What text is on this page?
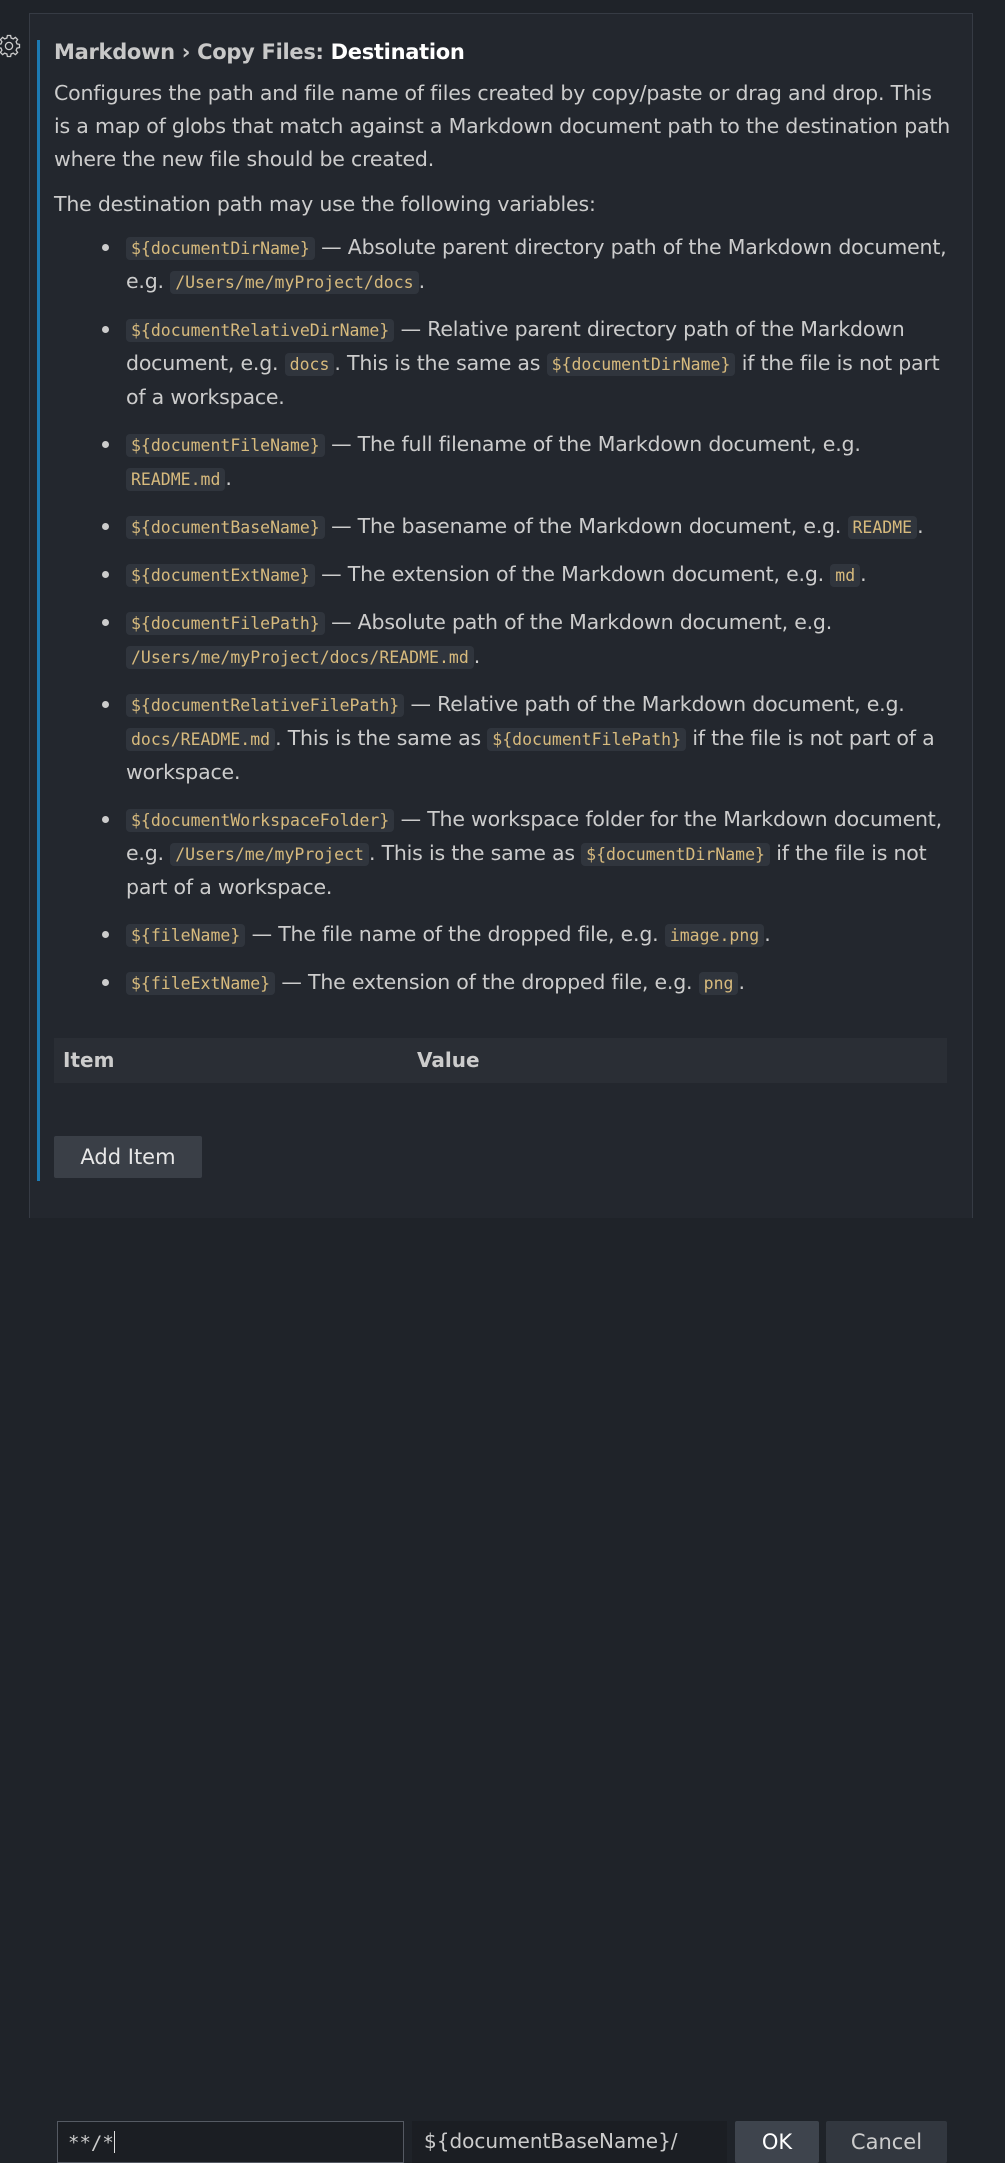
Markdown › Copy Files: Destination
Configures the path and file name of files created by copy/paste or drag and drop. This is a map of globs that match against a Markdown document path to the destination path where the new file should be created.
The destination path may use the following variables:
${documentDirName} — Absolute parent directory path of the Markdown document, e.g. /Users/me/myProject/docs .
${documentRelativeDirName} — Relative parent directory path of the Markdown document, e.g. docs . This is the same as ${documentDirName} if the file is not part of a workspace.
${documentFileName} — The full filename of the Markdown document, e.g. README.md .
${documentBaseName} — The basename of the Markdown document, e.g. README .
${documentExtName} — The extension of the Markdown document, e.g. md .
${documentFilePath} — Absolute path of the Markdown document, e.g. /Users/me/myProject/docs/README.md .
${documentRelativeFilePath} — Relative path of the Markdown document, e.g. docs/README.md . This is the same as ${documentFilePath} if the file is not part of a workspace.
${documentWorkspaceFolder} — The workspace folder for the Markdown document, e.g. /Users/me/myProject . This is the same as ${documentDirName} if the file is not part of a workspace.
${fileName} — The file name of the dropped file, e.g. image.png .
${fileExtName} — The extension of the dropped file, e.g. png .
Item	Value
**/*	${documentBaseName}/	OK	Cancel
Add Item
